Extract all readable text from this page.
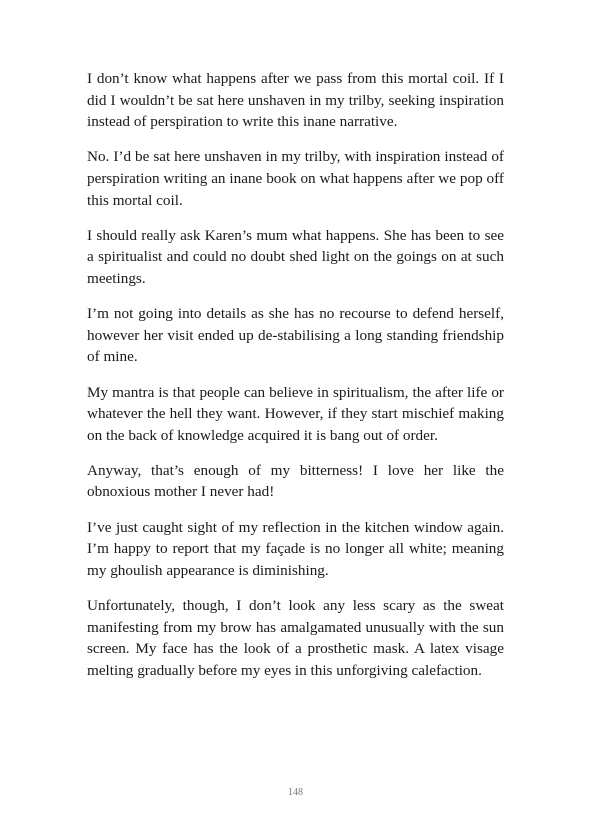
I don’t know what happens after we pass from this mortal coil. If I did I wouldn’t be sat here unshaven in my trilby, seeking inspiration instead of perspiration to write this inane narrative.

No. I’d be sat here unshaven in my trilby, with inspiration instead of perspiration writing an inane book on what happens after we pop off this mortal coil.

I should really ask Karen’s mum what happens. She has been to see a spiritualist and could no doubt shed light on the goings on at such meetings.

I’m not going into details as she has no recourse to defend herself, however her visit ended up de-stabilising a long standing friendship of mine.

My mantra is that people can believe in spiritualism, the after life or whatever the hell they want. However, if they start mischief making on the back of knowledge acquired it is bang out of order.

Anyway, that’s enough of my bitterness! I love her like the obnoxious mother I never had!

I’ve just caught sight of my reflection in the kitchen window again. I’m happy to report that my façade is no longer all white; meaning my ghoulish appearance is diminishing.

Unfortunately, though, I don’t look any less scary as the sweat manifesting from my brow has amalgamated unusually with the sun screen. My face has the look of a prosthetic mask. A latex visage melting gradually before my eyes in this unforgiving calefaction.

148
